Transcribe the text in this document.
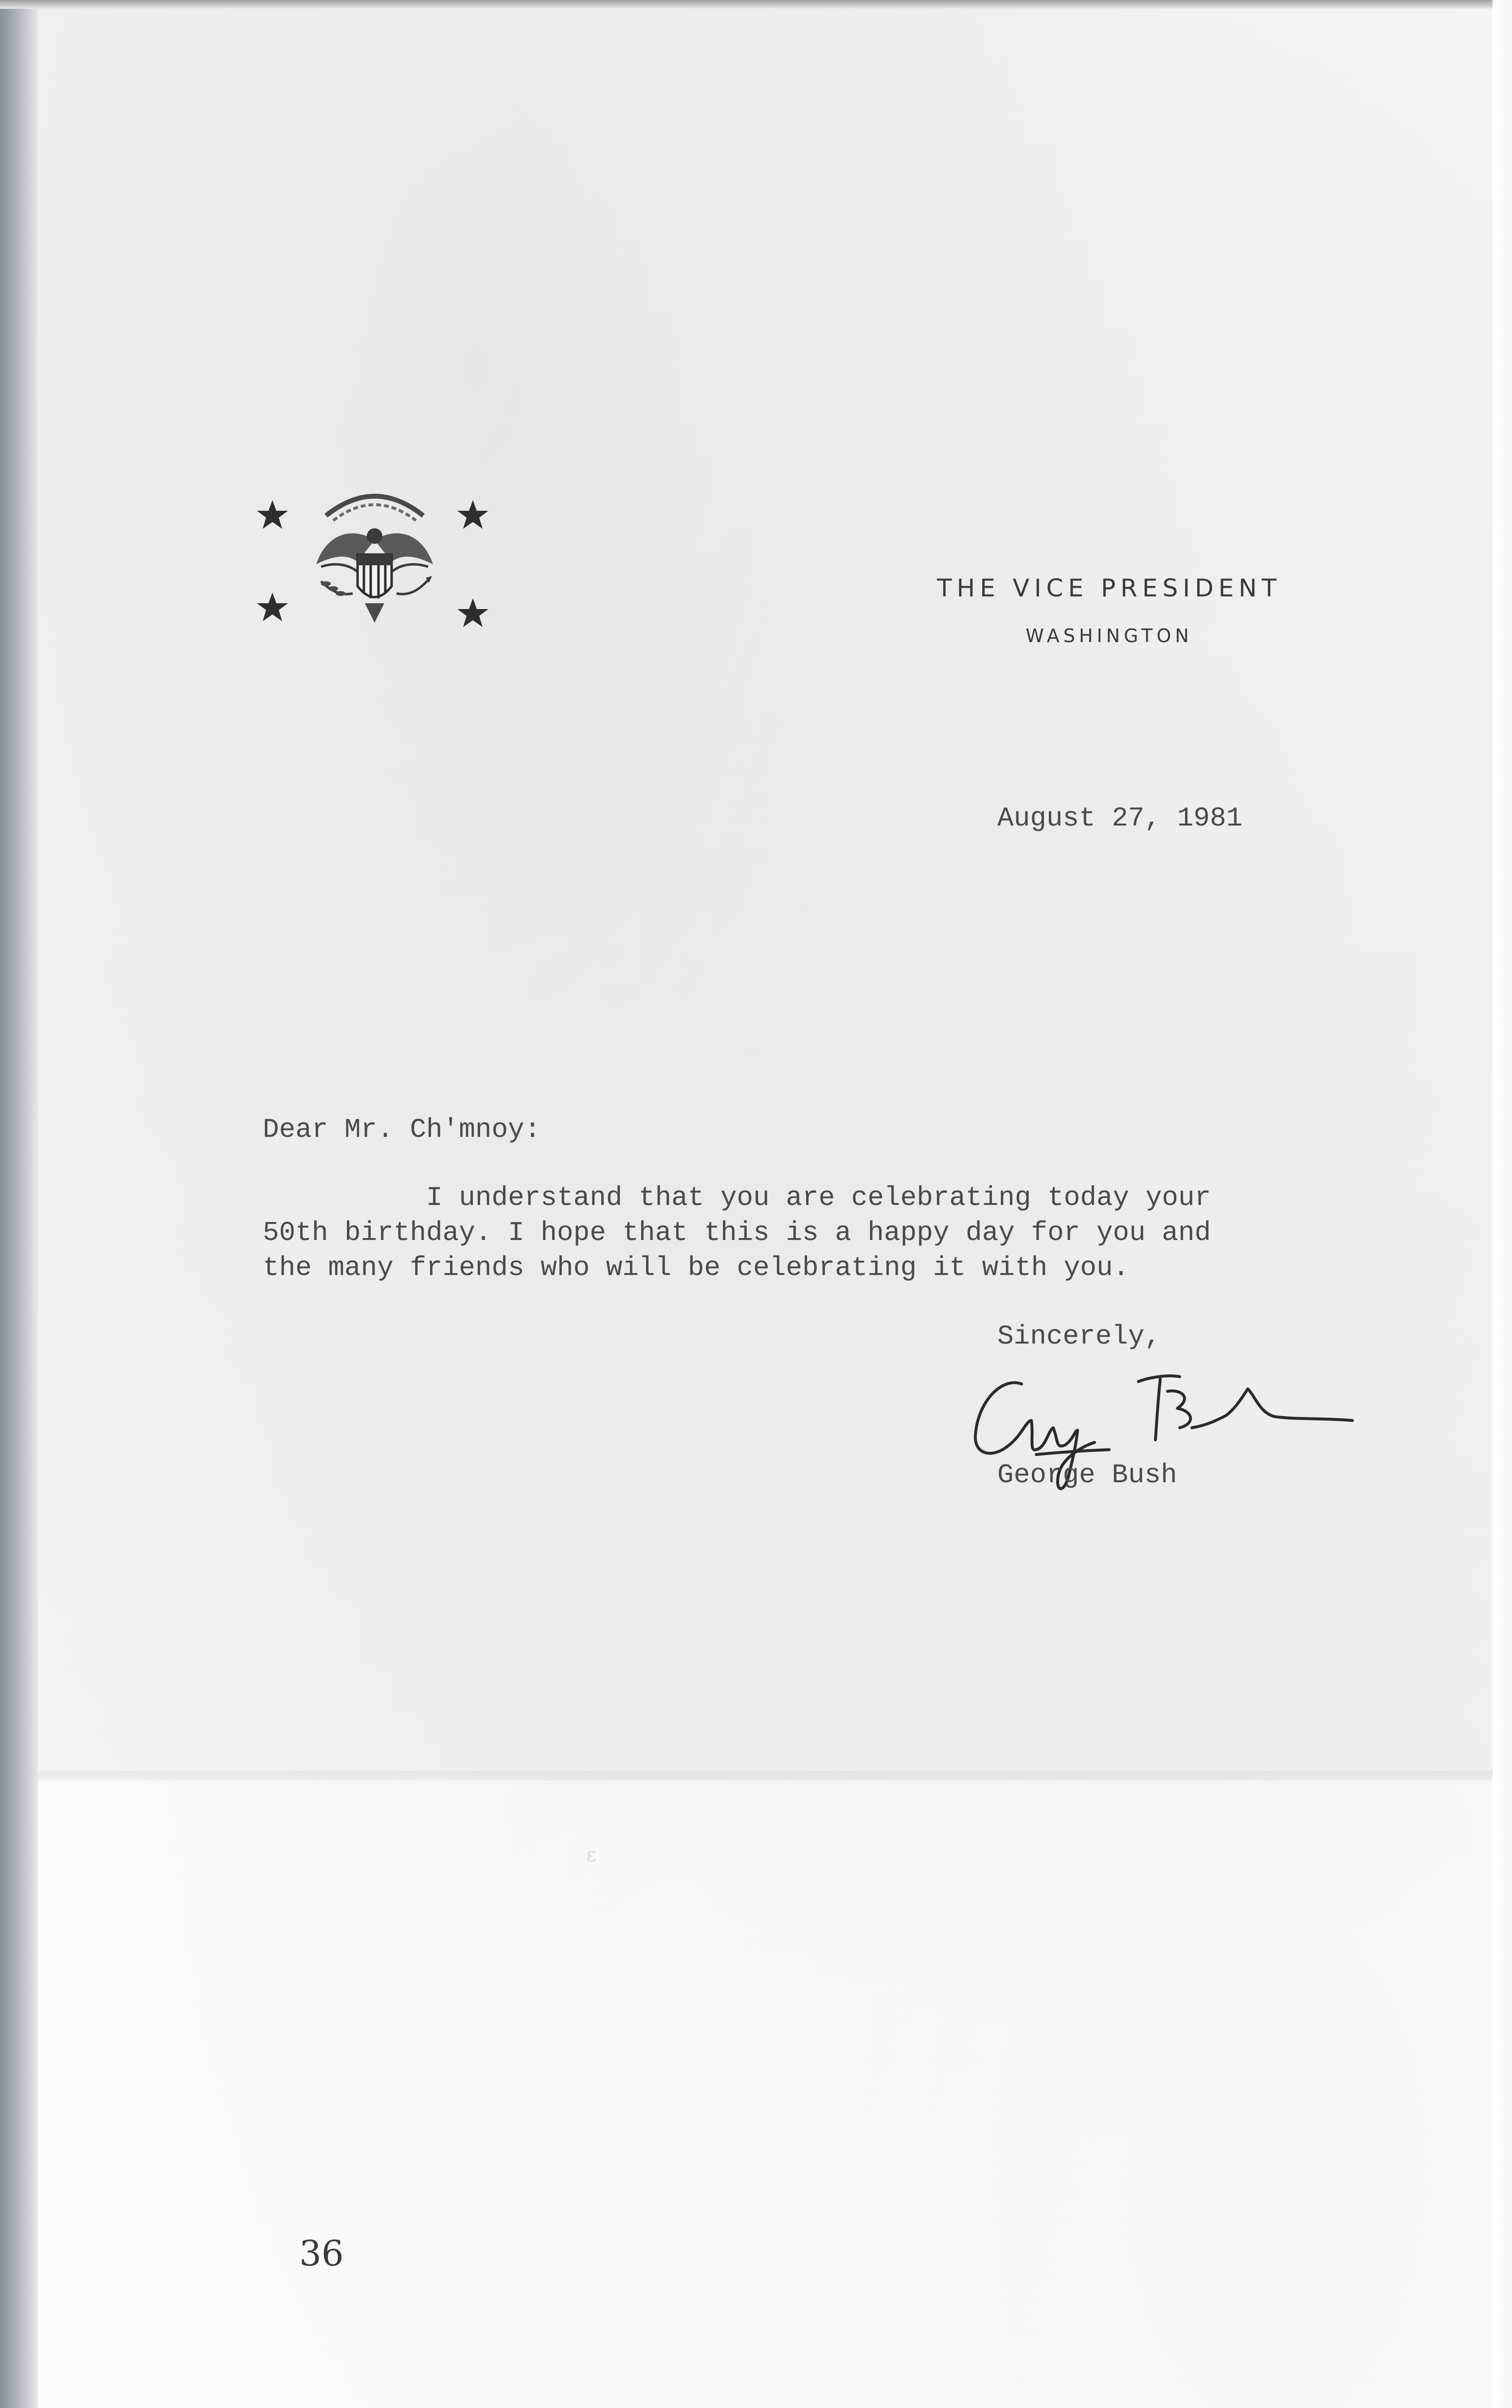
THE VICE PRESIDENT
WASHINGTON
August 27, 1981
Dear Mr. Ch'mnoy:
I understand that you are celebrating today your
50th birthday. I hope that this is a happy day for you and
the many friends who will be celebrating it with you.
Sincerely,
George Bush
ε
36
